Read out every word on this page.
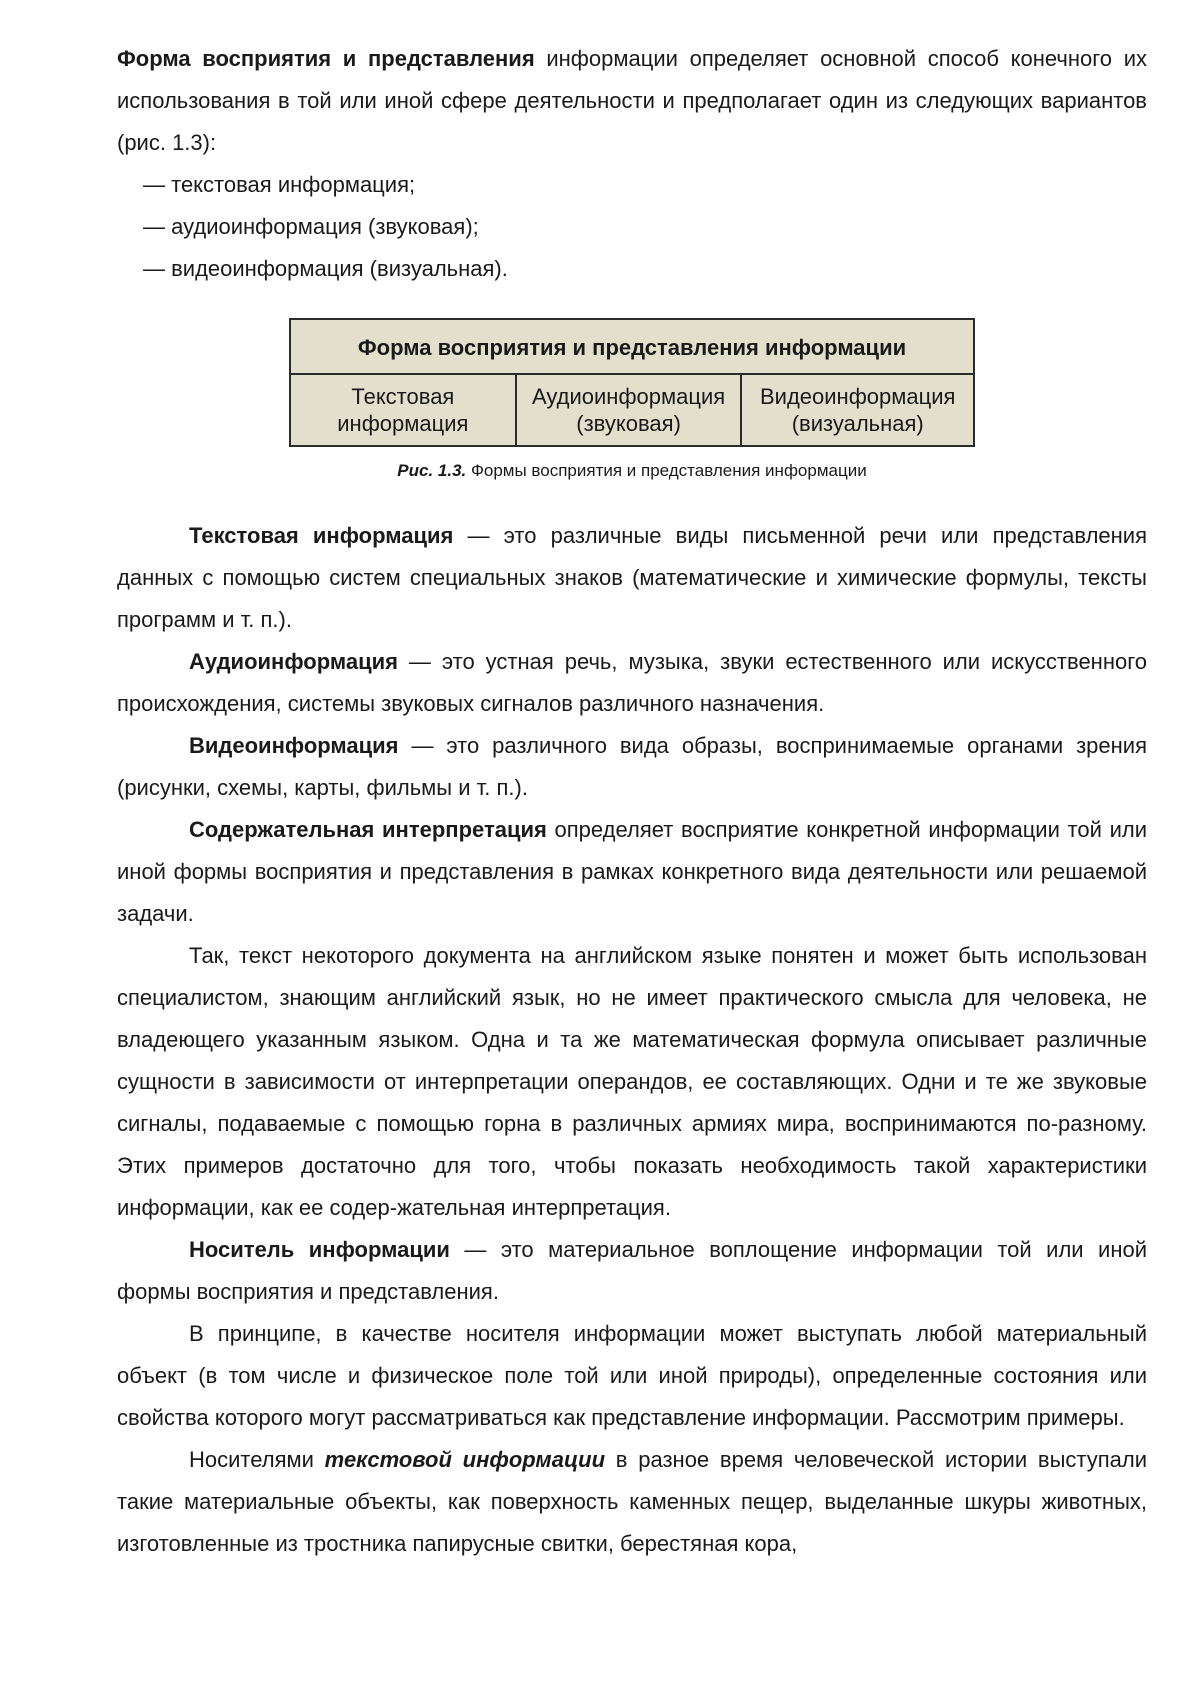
Форма восприятия и представления информации определяет основной способ конечного их использования в той или иной сфере деятельности и предполагает один из следующих вариантов (рис. 1.3):

— текстовая информация;

— аудиоинформация (звуковая);

— видеоинформация (визуальная).

Форма восприятия и представления информации
Текстовая информация	Аудиоинформация (звуковая)	Видеоинформация (визуальная)
Рис. 1.3. Формы восприятия и представления информации

Текстовая информация — это различные виды письменной речи или представления данных с помощью систем специальных знаков (математические и химические формулы, тексты программ и т. п.).

Аудиоинформация — это устная речь, музыка, звуки естественного или искусственного происхождения, системы звуковых сигналов различного назначения.

Видеоинформация — это различного вида образы, воспринимаемые органами зрения (рисунки, схемы, карты, фильмы и т. п.).

Содержательная интерпретация определяет восприятие конкретной информации той или иной формы восприятия и представления в рамках конкретного вида деятельности или решаемой задачи.

Так, текст некоторого документа на английском языке понятен и может быть использован специалистом, знающим английский язык, но не имеет практического смысла для человека, не владеющего указанным языком. Одна и та же математическая формула описывает различные сущности в зависимости от интерпретации операндов, ее составляющих. Одни и те же звуковые сигналы, подаваемые с помощью горна в различных армиях мира, воспринимаются по-разному. Этих примеров достаточно для того, чтобы показать необходимость такой характеристики информации, как ее содер-жательная интерпретация.

Носитель информации — это материальное воплощение информации той или иной формы восприятия и представления.

В принципе, в качестве носителя информации может выступать любой материальный объект (в том числе и физическое поле той или иной природы), определенные состояния или свойства которого могут рассматриваться как представление информации. Рассмотрим примеры.

Носителями текстовой информации в разное время человеческой истории выступали такие материальные объекты, как поверхность каменных пещер, выделанные шкуры животных, изготовленные из тростника папирусные свитки, берестяная кора,
